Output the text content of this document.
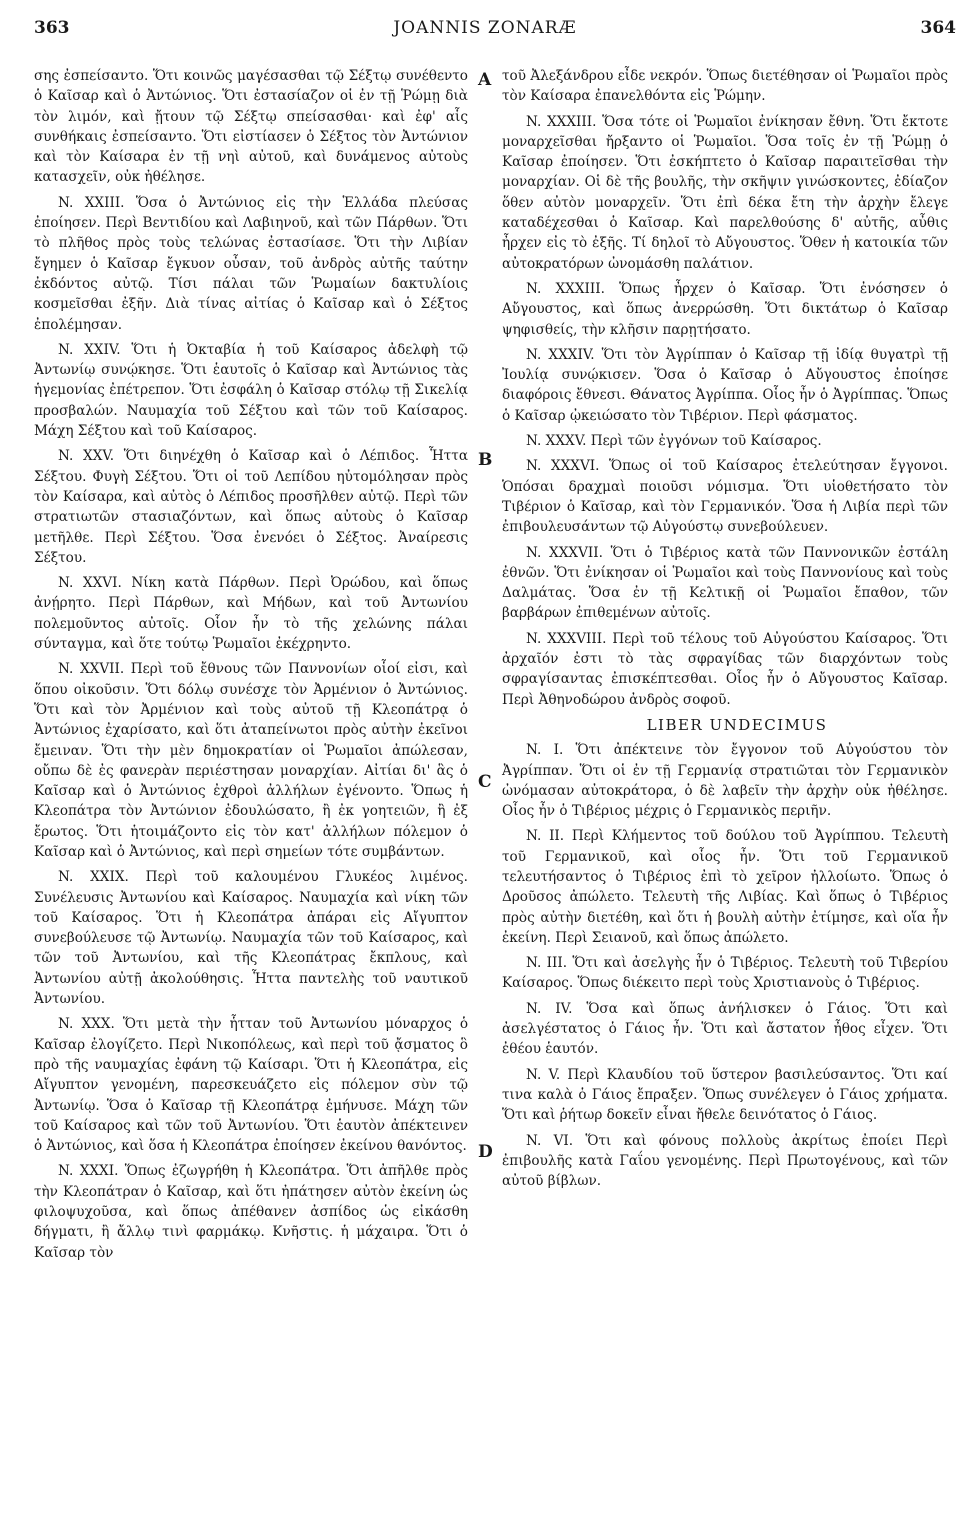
363	JOANNIS ZONARÆ	364
A
B
C
D

σης ἐσπείσαντο. Ὅτι κοινῶς μαγέσασθαι τῷ Σέξτῳ συνέθεντο ὁ Καῖσαρ καὶ ὁ Ἀντώνιος. Ὅτι ἐστασίαζον οἱ ἐν τῇ Ῥώμῃ διὰ τὸν λιμόν, καὶ ᾔτουν τῷ Σέξτῳ σπείσασθαι· καὶ ἐφ' αἷς συνθήκαις ἐσπείσαντο. Ὅτι εἰστίασεν ὁ Σέξτος τὸν Ἀντώνιον καὶ τὸν Καίσαρα ἐν τῇ νηὶ αὐτοῦ, καὶ δυνάμενος αὐτοὺς κατασχεῖν, οὐκ ἠθέλησε.

N. XXIII. Ὅσα ὁ Ἀντώνιος εἰς τὴν Ἑλλάδα πλεύσας ἐποίησεν. Περὶ Βεντιδίου καὶ Λαβιηνοῦ, καὶ τῶν Πάρθων. Ὅτι τὸ πλῆθος πρὸς τοὺς τελώνας ἐστασίασε. Ὅτι τὴν Λιβίαν ἔγημεν ὁ Καῖσαρ ἔγκυον οὖσαν, τοῦ ἀνδρὸς αὐτῆς ταύτην ἐκδόντος αὐτῷ. Τίσι πάλαι τῶν Ῥωμαίων δακτυλίοις κοσμεῖσθαι ἐξῆν. Διὰ τίνας αἰτίας ὁ Καῖσαρ καὶ ὁ Σέξτος ἐπολέμησαν.

N. XXIV. Ὅτι ἡ Ὀκταβία ἡ τοῦ Καίσαρος ἀδελφὴ τῷ Ἀντωνίῳ συνῴκησε. Ὅτι ἑαυτοῖς ὁ Καῖσαρ καὶ Ἀντώνιος τὰς ἡγεμονίας ἐπέτρεπον. Ὅτι ἐσφάλη ὁ Καῖσαρ στόλῳ τῇ Σικελίᾳ προσβαλών. Ναυμαχία τοῦ Σέξτου καὶ τῶν τοῦ Καίσαρος. Μάχη Σέξτου καὶ τοῦ Καίσαρος.

N. XXV. Ὅτι διηνέχθη ὁ Καῖσαρ καὶ ὁ Λέπιδος. Ἧττα Σέξτου. Φυγὴ Σέξτου. Ὅτι οἱ τοῦ Λεπίδου ηὐτομόλησαν πρὸς τὸν Καίσαρα, καὶ αὐτὸς ὁ Λέπιδος προσῆλθεν αὐτῷ. Περὶ τῶν στρατιωτῶν στασιαζόντων, καὶ ὅπως αὐτοὺς ὁ Καῖσαρ μετῆλθε. Περὶ Σέξτου. Ὅσα ἐνενόει ὁ Σέξτος. Ἀναίρεσις Σέξτου.

N. XXVI. Νίκη κατὰ Πάρθων. Περὶ Ὀρώδου, καὶ ὅπως ἀνῄρητο. Περὶ Πάρθων, καὶ Μήδων, καὶ τοῦ Ἀντωνίου πολεμοῦντος αὐτοῖς. Οἷον ἦν τὸ τῆς χελώνης πάλαι σύνταγμα, καὶ ὅτε τούτῳ Ῥωμαῖοι ἐκέχρηντο.

N. XXVII. Περὶ τοῦ ἔθνους τῶν Παννονίων οἷοί εἰσι, καὶ ὅπου οἰκοῦσιν. Ὅτι δόλῳ συνέσχε τὸν Ἀρμένιον ὁ Ἀντώνιος. Ὅτι καὶ τὸν Ἀρμένιον καὶ τοὺς αὐτοῦ τῇ Κλεοπάτρᾳ ὁ Ἀντώνιος ἐχαρίσατο, καὶ ὅτι ἀταπείνωτοι πρὸς αὐτὴν ἐκεῖνοι ἔμειναν. Ὅτι τὴν μὲν δημοκρατίαν οἱ Ῥωμαῖοι ἀπώλεσαν, οὔπω δὲ ἐς φανερὰν περιέστησαν μοναρχίαν. Αἰτίαι δι' ἃς ὁ Καῖσαρ καὶ ὁ Ἀντώνιος ἐχθροὶ ἀλλήλων ἐγένοντο. Ὅπως ἡ Κλεοπάτρα τὸν Ἀντώνιον ἐδουλώσατο, ἢ ἐκ γοητειῶν, ἢ ἐξ ἔρωτος. Ὅτι ἡτοιμάζοντο εἰς τὸν κατ' ἀλλήλων πόλεμον ὁ Καῖσαρ καὶ ὁ Ἀντώνιος, καὶ περὶ σημείων τότε συμβάντων.

N. XXIX. Περὶ τοῦ καλουμένου Γλυκέος λιμένος. Συνέλευσις Ἀντωνίου καὶ Καίσαρος. Ναυμαχία καὶ νίκη τῶν τοῦ Καίσαρος. Ὅτι ἡ Κλεοπάτρα ἀπάραι εἰς Αἴγυπτον συνεβούλευσε τῷ Ἀντωνίῳ. Ναυμαχία τῶν τοῦ Καίσαρος, καὶ τῶν τοῦ Ἀντωνίου, καὶ τῆς Κλεοπάτρας ἔκπλους, καὶ Ἀντωνίου αὐτῇ ἀκολούθησις. Ἧττα παντελὴς τοῦ ναυτικοῦ Ἀντωνίου.

N. XXX. Ὅτι μετὰ τὴν ἧτταν τοῦ Ἀντωνίου μόναρχος ὁ Καῖσαρ ἐλογίζετο. Περὶ Νικοπόλεως, καὶ περὶ τοῦ ᾄσματος ὃ πρὸ τῆς ναυμαχίας ἐφάνη τῷ Καίσαρι. Ὅτι ἡ Κλεοπάτρα, εἰς Αἴγυπτον γενομένη, παρεσκευάζετο εἰς πόλεμον σὺν τῷ Ἀντωνίῳ. Ὅσα ὁ Καῖσαρ τῇ Κλεοπάτρᾳ ἐμήνυσε. Μάχη τῶν τοῦ Καίσαρος καὶ τῶν τοῦ Ἀντωνίου. Ὅτι ἑαυτὸν ἀπέκτεινεν ὁ Ἀντώνιος, καὶ ὅσα ἡ Κλεοπάτρα ἐποίησεν ἐκείνου θανόντος.

N. XXXI. Ὅπως ἐζωγρήθη ἡ Κλεοπάτρα. Ὅτι ἀπῆλθε πρὸς τὴν Κλεοπάτραν ὁ Καῖσαρ, καὶ ὅτι ἠπάτησεν αὐτὸν ἐκείνη ὡς φιλοψυχοῦσα, καὶ ὅπως ἀπέθανεν ἀσπίδος ὡς εἰκάσθη δήγματι, ἢ ἄλλῳ τινὶ φαρμάκῳ. Κνῆστις. ἡ μάχαιρα. Ὅτι ὁ Καῖσαρ τὸν

τοῦ Ἀλεξάνδρου εἶδε νεκρόν. Ὅπως διετέθησαν οἱ Ῥωμαῖοι πρὸς τὸν Καίσαρα ἐπανελθόντα εἰς Ῥώμην.

N. XXXIII. Ὅσα τότε οἱ Ῥωμαῖοι ἐνίκησαν ἔθνη. Ὅτι ἔκτοτε μοναρχεῖσθαι ἤρξαντο οἱ Ῥωμαῖοι. Ὅσα τοῖς ἐν τῇ Ῥώμῃ ὁ Καῖσαρ ἐποίησεν. Ὅτι ἐσκήπτετο ὁ Καῖσαρ παραιτεῖσθαι τὴν μοναρχίαν. Οἱ δὲ τῆς βουλῆς, τὴν σκῆψιν γινώσκοντες, ἐδίαζον ὅθεν αὐτὸν μοναρχεῖν. Ὅτι ἐπὶ δέκα ἔτη τὴν ἀρχὴν ἔλεγε καταδέχεσθαι ὁ Καῖσαρ. Καὶ παρελθούσης δ' αὐτῆς, αὖθις ἦρχεν εἰς τὸ ἐξῆς. Τί δηλοῖ τὸ Αὔγουστος. Ὅθεν ἡ κατοικία τῶν αὐτοκρατόρων ὠνομάσθη παλάτιον.

N. XXXIII. Ὅπως ἦρχεν ὁ Καῖσαρ. Ὅτι ἐνόσησεν ὁ Αὔγουστος, καὶ ὅπως ἀνερρώσθη. Ὅτι δικτάτωρ ὁ Καῖσαρ ψηφισθείς, τὴν κλῆσιν παρῃτήσατο.

N. XXXIV. Ὅτι τὸν Ἀγρίππαν ὁ Καῖσαρ τῇ ἰδίᾳ θυγατρὶ τῇ Ἰουλίᾳ συνῴκισεν. Ὅσα ὁ Καῖσαρ ὁ Αὔγουστος ἐποίησε διαφόροις ἔθνεσι. Θάνατος Ἀγρίππα. Οἷος ἦν ὁ Ἀγρίππας. Ὅπως ὁ Καῖσαρ ᾠκειώσατο τὸν Τιβέριον. Περὶ φάσματος.

N. XXXV. Περὶ τῶν ἐγγόνων τοῦ Καίσαρος.

N. XXXVI. Ὅπως οἱ τοῦ Καίσαρος ἐτελεύτησαν ἔγγονοι. Ὁπόσαι δραχμαὶ ποιοῦσι νόμισμα. Ὅτι υἱοθετήσατο τὸν Τιβέριον ὁ Καῖσαρ, καὶ τὸν Γερμανικόν. Ὅσα ἡ Λιβία περὶ τῶν ἐπιβουλευσάντων τῷ Αὐγούστῳ συνεβούλευεν.

N. XXXVII. Ὅτι ὁ Τιβέριος κατὰ τῶν Παννονικῶν ἐστάλη ἐθνῶν. Ὅτι ἐνίκησαν οἱ Ῥωμαῖοι καὶ τοὺς Παννονίους καὶ τοὺς Δαλμάτας. Ὅσα ἐν τῇ Κελτικῇ οἱ Ῥωμαῖοι ἔπαθον, τῶν βαρβάρων ἐπιθεμένων αὐτοῖς.

N. XXXVIII. Περὶ τοῦ τέλους τοῦ Αὐγούστου Καίσαρος. Ὅτι ἀρχαῖόν ἐστι τὸ τὰς σφραγίδας τῶν διαρχόντων τοὺς σφραγίσαντας ἐπισκέπτεσθαι. Οἷος ἦν ὁ Αὔγουστος Καῖσαρ. Περὶ Ἀθηνοδώρου ἀνδρὸς σοφοῦ.

LIBER UNDECIMUS

N. I. Ὅτι ἀπέκτεινε τὸν ἔγγονον τοῦ Αὐγούστου τὸν Ἀγρίππαν. Ὅτι οἱ ἐν τῇ Γερμανίᾳ στρατιῶται τὸν Γερμανικὸν ὠνόμασαν αὐτοκράτορα, ὁ δὲ λαβεῖν τὴν ἀρχὴν οὐκ ἠθέλησε. Οἷος ἦν ὁ Τιβέριος μέχρις ὁ Γερμανικὸς περιῆν.

N. II. Περὶ Κλήμεντος τοῦ δούλου τοῦ Ἀγρίππου. Τελευτὴ τοῦ Γερμανικοῦ, καὶ οἷος ἦν. Ὅτι τοῦ Γερμανικοῦ τελευτήσαντος ὁ Τιβέριος ἐπὶ τὸ χεῖρον ἠλλοίωτο. Ὅπως ὁ Δροῦσος ἀπώλετο. Τελευτὴ τῆς Λιβίας. Καὶ ὅπως ὁ Τιβέριος πρὸς αὐτὴν διετέθη, καὶ ὅτι ἡ βουλὴ αὐτὴν ἐτίμησε, καὶ οἵα ἦν ἐκείνη. Περὶ Σειανοῦ, καὶ ὅπως ἀπώλετο.

N. III. Ὅτι καὶ ἀσελγὴς ἦν ὁ Τιβέριος. Τελευτὴ τοῦ Τιβερίου Καίσαρος. Ὅπως διέκειτο περὶ τοὺς Χριστιανοὺς ὁ Τιβέριος.

N. IV. Ὅσα καὶ ὅπως ἀνήλισκεν ὁ Γάιος. Ὅτι καὶ ἀσελγέστατος ὁ Γάιος ἦν. Ὅτι καὶ ἄστατον ἦθος εἶχεν. Ὅτι ἐθέου ἑαυτόν.

N. V. Περὶ Κλαυδίου τοῦ ὕστερον βασιλεύσαντος. Ὅτι καί τινα καλὰ ὁ Γάιος ἔπραξεν. Ὅπως συνέλεγεν ὁ Γάιος χρήματα. Ὅτι καὶ ῥήτωρ δοκεῖν εἶναι ἤθελε δεινότατος ὁ Γάιος.

N. VI. Ὅτι καὶ φόνους πολλοὺς ἀκρίτως ἐποίει Περὶ ἐπιβουλῆς κατὰ Γαΐου γενομένης. Περὶ Πρωτογένους, καὶ τῶν αὐτοῦ βίβλων.
